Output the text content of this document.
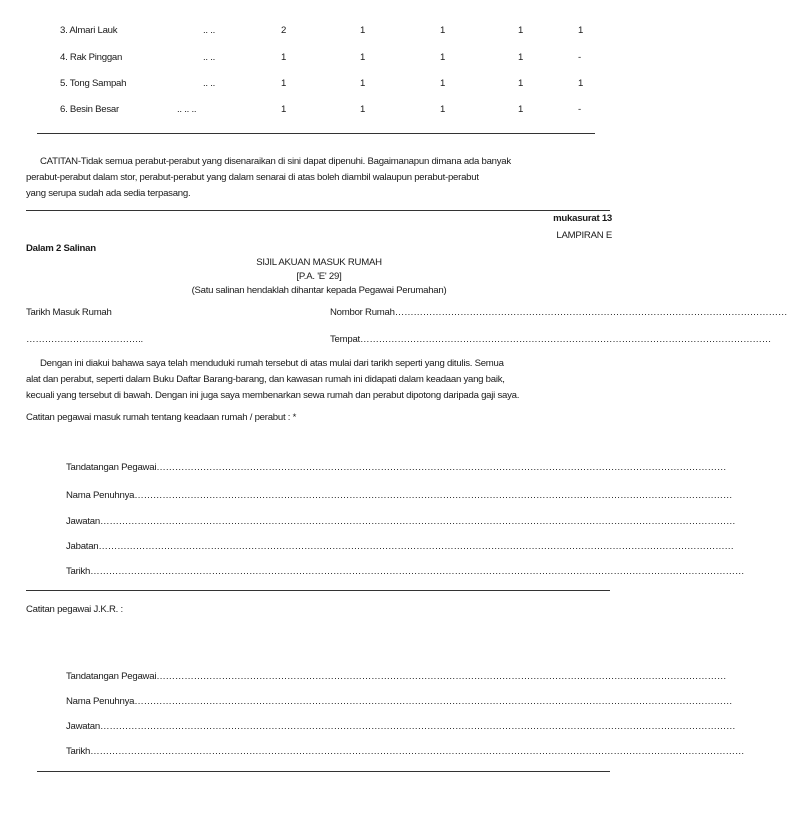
3. Almari Lauk	.. ..	2	1	1	1	1
4. Rak Pinggan	.. ..	1	1	1	1	-
5. Tong Sampah	.. ..	1	1	1	1	1
6. Besin Besar	.. .. ..	1	1	1	1	-
CATITAN-Tidak semua perabut-perabut yang disenaraikan di sini dapat dipenuhi. Bagaimanapun dimana ada banyak
perabut-perabut dalam stor, perabut-perabut yang dalam senarai di atas boleh diambil walaupun perabut-perabut
yang serupa sudah ada sedia terpasang.
mukasurat 13
LAMPIRAN E
Dalam 2 Salinan
SIJIL AKUAN MASUK RUMAH
[P.A. 'E' 29]
(Satu salinan hendaklah dihantar kepada Pegawai Perumahan)
Tarikh Masuk Rumah	Nombor Rumah………………………………………………………………………………………………………………
………………………………..	Tempat……………………………………………………………………………………………………………………
Dengan ini diakui bahawa saya telah menduduki rumah tersebut di atas mulai dari tarikh seperti yang ditulis. Semua
alat dan perabut, seperti dalam Buku Daftar Barang-barang, dan kawasan rumah ini didapati dalam keadaan yang baik,
kecuali yang tersebut di bawah. Dengan ini juga saya membenarkan sewa rumah dan perabut dipotong daripada gaji saya.
Catitan pegawai masuk rumah tentang keadaan rumah / perabut : *
Tandatangan Pegawai…………………………………………………………………………………………………………………………………………………………………
Nama Penuhnya…………………………………………………………………………………………………………………………………………………………………………
Jawatan……………………………………………………………………………………………………………………………………………………………………………………
Jabatan……………………………………………………………………………………………………………………………………………………………………………………
Tarikh…………………………………………………………………………………………………………………………………………………………………………………………
Catitan pegawai J.K.R. :
Tandatangan Pegawai…………………………………………………………………………………………………………………………………………………………………
Nama Penuhnya…………………………………………………………………………………………………………………………………………………………………………
Jawatan……………………………………………………………………………………………………………………………………………………………………………………
Tarikh…………………………………………………………………………………………………………………………………………………………………………………………
